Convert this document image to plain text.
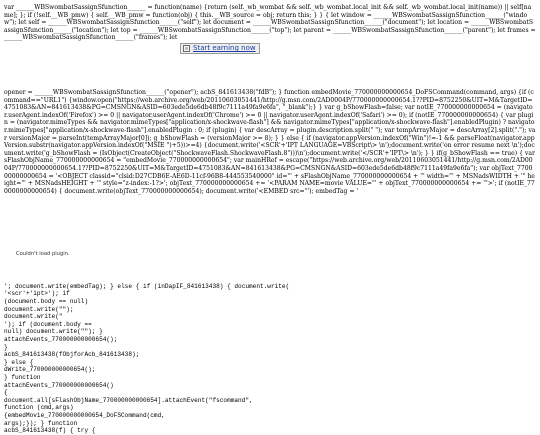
var ______WBSwombatSassignSfunction______ = function(name) {return (self._wb_wombat && self._wb_wombat.local_init && self._wb_wombat.local_init(name)) || self[name]; }; if (!self.__WB_pmw) { self.__WB_pmw = function(obj) { this.__WB_source = obj; return this; } } { let window = ______WBSwombatSassignSfunction______("window"); let self = ______WBSwombatSassignSfunction______("self"); let document = ______WBSwombatSassignSfunction______("document"); let location = ______WBSwombatSassignSfunction______("location"); let top = ______WBSwombatSassignSfunction______("top"); let parent = ______WBSwombatSassignSfunction______("parent"); let frames = ______WBSwombatSassignSfunction______("frames"); let

Start earning now

opener = ______WBSwombatSassignSfunction______("opener"); acbS_841613438("fdB"); } function embedMovie_770000000000654_DoFSCommand(command, args) {if (command=="URL1") {window.open("https://web.archive.org/web/20110603051441/http://g.msn.com/2AD0004P/770000000000654.1??PID=8752250&UIT=M&TargetID=4751083&AN=841613438&PG=CMSNGN&ASID=603ede5de6db48f9c7111a49fa9e6fa", "_blank");} } var g_bShowFlash=false; var notIE_770000000000654 = (navigator.userAgent.indexOf('Firefox') >= 0 || navigator.userAgent.indexOf('Chrome') >= 0 || navigator.userAgent.indexOf('Safari') >= 0); if (notIE_770000000000654) { var plugin = (navigator.mimeTypes && navigator.mimeTypes["application/x-shockwave-flash"] && navigator.mimeTypes["application/x-shockwave-flash"].enabledPlugin) ? navigator.mimeTypes["application/x-shockwave-flash"].enabledPlugin : 0; if (plugin) { var descArray = plugin.description.split(" "); var tempArrayMajor = descArray[2].split("."); var versionMajor = parseInt(tempArrayMajor[0]); g_bShowFlash = (versionMajor >= 8); } } else { if (navigator.appVersion.indexOf("Win")!=-1 && parseFloat(navigator.appVersion.substr(navigator.appVersion.indexOf("MSIE ")+5))>=4) {document.write('<SCR'+'IPT LANGUAGE=VBScript\> \n');document.write('on error resume next \n');document.write('g_bShowFlash = (IsObject(CreateObject("ShockwaveFlash.ShockwaveFlash.8")))\n');document.write('</SCR'+'IPT\> \n'); } } if(g_bShowFlash == true) { var sFlashObjName_770000000000654 = "embedMovie_770000000000654"; var mainHRef = escape("https://web.archive.org/web/20110603051441/http://g.msn.com/2AD0004P/770000000000654.1??PID=8752250&UIT=M&TargetID=4751083&AN=841613438&PG=CMSNGN&ASID=603ede5de6db48f9c7111a49fa9e6fa"); var objText_770000000000654 = '<OBJECT classid="clsid:D27CDB6E-AE6D-11cf-96B8-444553540000" id="' + sFlashObjName_770000000000654 + '" width="' + MSNadsWIDTH + '" height="' + MSNadsHEIGHT + '" style="z-index:-1?>'; objText_770000000000654 += '<PARAM NAME=movie VALUE="' + objText_770000000000654 += '">'; if (notIE_770000000000654) { document.write(objText_770000000000654); document.write('<EMBED src="'); embedTag = '

Couldn't load plugin.
'; document.write(embedTag); } else { if (inDapIF_841613438) { document.write(
'<scr'+'ipt>'); if
(document.body == null)
document.write("");
document.write("
'); if (document.body ==
null) document.write(""); }
attachEvents_770000000000654();
}
acbS_841613438(fObjforAcb_841613438);
} else {
dWrite_770000000000654();
} function
attachEvents_770000000000654()
{
document.all[sFlashObjName_770000000000654].attachEvent("fscommand",
function (cmd,args)
{embedMovie_770000000000654_DoFSCommand(cmd,
args);}); } function
acbS_841613438(f) { try {
